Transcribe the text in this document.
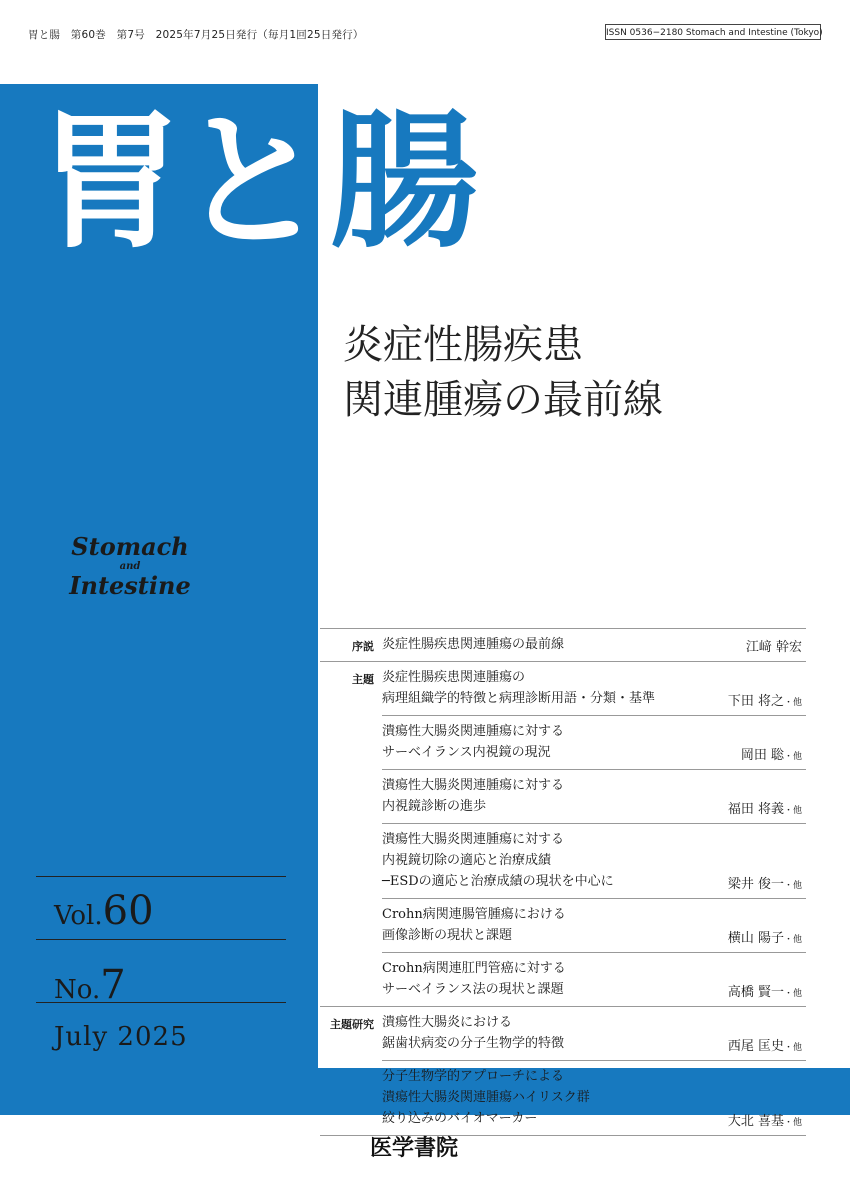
胃と腸　第60巻　第7号　2025年7月25日発行（毎月1回25日発行）	ISSN 0536−2180 Stomach and Intestine (Tokyo)
胃と 腸
炎症性腸疾患
関連腫瘍の最前線
Stomach
and
Intestine
Vol.60
No.7
July 2025
序説 炎症性腸疾患関連腫瘍の最前線	江﨑 幹宏
主題 炎症性腸疾患関連腫瘍の
病理組織学的特徴と病理診断用語・分類・基準	下田 将之・他
潰瘍性大腸炎関連腫瘍に対する
サーベイランス内視鏡の現況	岡田 聡・他
潰瘍性大腸炎関連腫瘍に対する
内視鏡診断の進歩	福田 将義・他
潰瘍性大腸炎関連腫瘍に対する
内視鏡切除の適応と治療成績
─ESDの適応と治療成績の現状を中心に	梁井 俊一・他
Crohn病関連腸管腫瘍における
画像診断の現状と課題	横山 陽子・他
Crohn病関連肛門管癌に対する
サーベイランス法の現状と課題	高橋 賢一・他
主題研究 潰瘍性大腸炎における
鋸歯状病変の分子生物学的特徴	西尾 匡史・他
分子生物学的アプローチによる
潰瘍性大腸炎関連腫瘍ハイリスク群
絞り込みのバイオマーカー	大北 喜基・他
医学書院
